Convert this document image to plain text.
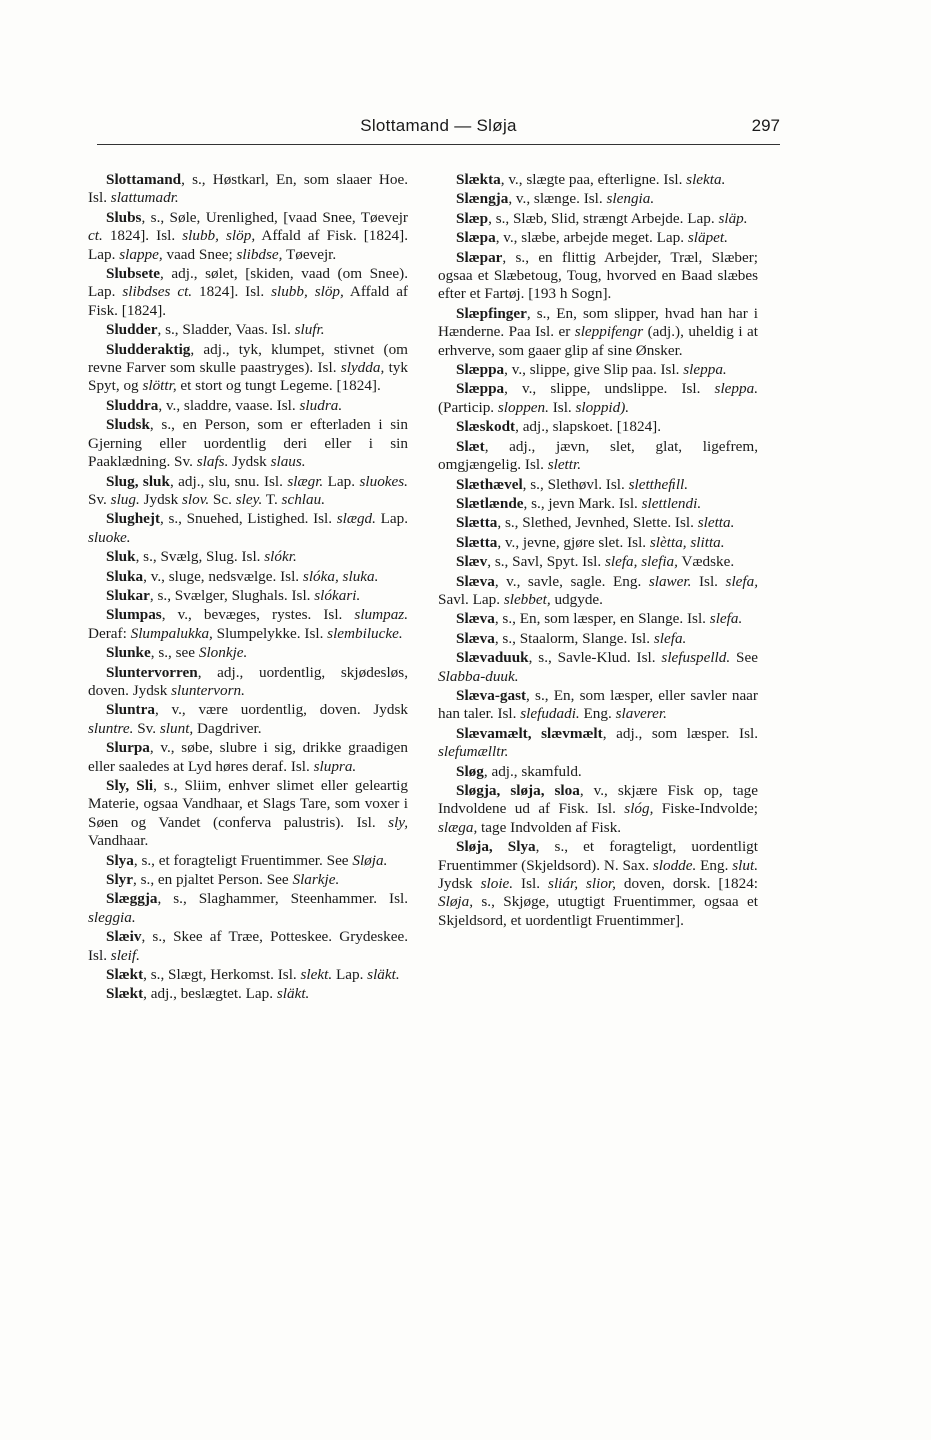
Slottamand — Sløja	297

Slottamand, s., Høstkarl, En, som slaaer Hoe. Isl. slattumadr.

Slubs, s., Søle, Urenlighed, [vaad Snee, Tøevejr ct. 1824]. Isl. slubb, slöp, Affald af Fisk. [1824]. Lap. slappe, vaad Snee; slibdse, Tøevejr.

Slubsete, adj., sølet, [skiden, vaad (om Snee). Lap. slibdses ct. 1824]. Isl. slubb, slöp, Affald af Fisk. [1824].

Sludder, s., Sladder, Vaas. Isl. slufr.

Sludderaktig, adj., tyk, klumpet, stivnet (om revne Farver som skulle paastryges). Isl. slydda, tyk Spyt, og slöttr, et stort og tungt Legeme. [1824].

Sluddra, v., sladdre, vaase. Isl. sludra.

Sludsk, s., en Person, som er efterladen i sin Gjerning eller uordentlig deri eller i sin Paaklædning. Sv. slafs. Jydsk slaus.

Slug, sluk, adj., slu, snu. Isl. slægr. Lap. sluokes. Sv. slug. Jydsk slov. Sc. sley. T. schlau.

Slughejt, s., Snuehed, Listighed. Isl. slægd. Lap. sluoke.

Sluk, s., Svælg, Slug. Isl. slókr.

Sluka, v., sluge, nedsvælge. Isl. slóka, sluka.

Slukar, s., Svælger, Slughals. Isl. slókari.

Slumpas, v., bevæges, rystes. Isl. slumpaz. Deraf: Slumpalukka, Slumpelykke. Isl. slembilucke.

Slunke, s., see Slonkje.

Sluntervorren, adj., uordentlig, skjødesløs, doven. Jydsk sluntervorn.

Sluntra, v., være uordentlig, doven. Jydsk sluntre. Sv. slunt, Dagdriver.

Slurpa, v., søbe, slubre i sig, drikke graadigen eller saaledes at Lyd høres deraf. Isl. slupra.

Sly, Sli, s., Sliim, enhver slimet eller geleartig Materie, ogsaa Vandhaar, et Slags Tare, som voxer i Søen og Vandet (conferva palustris). Isl. sly, Vandhaar.

Slya, s., et foragteligt Fruentimmer. See Sløja.

Slyr, s., en pjaltet Person. See Slarkje.

Slæggja, s., Slaghammer, Steenhammer. Isl. sleggia.

Slæiv, s., Skee af Træe, Potteskee. Grydeskee. Isl. sleif.

Slækt, s., Slægt, Herkomst. Isl. slekt. Lap. släkt.

Slækt, adj., beslægtet. Lap. släkt.

Slækta, v., slægte paa, efterligne. Isl. slekta.

Slængja, v., slænge. Isl. slengia.

Slæp, s., Slæb, Slid, strængt Arbejde. Lap. släp.

Slæpa, v., slæbe, arbejde meget. Lap. släpet.

Slæpar, s., en flittig Arbejder, Træl, Slæber; ogsaa et Slæbetoug, Toug, hvorved en Baad slæbes efter et Fartøj. [193 h Sogn].

Slæpfinger, s., En, som slipper, hvad han har i Hænderne. Paa Isl. er sleppifengr (adj.), uheldig i at erhverve, som gaaer glip af sine Ønsker.

Slæppa, v., slippe, give Slip paa. Isl. sleppa.

Slæppa, v., slippe, undslippe. Isl. sleppa. (Particip. sloppen. Isl. sloppid).

Slæskodt, adj., slapskoet. [1824].

Slæt, adj., jævn, slet, glat, ligefrem, omgjængelig. Isl. slettr.

Slæthævel, s., Slethøvl. Isl. slettheﬁll.

Slætlænde, s., jevn Mark. Isl. slettlendi.

Slætta, s., Slethed, Jevnhed, Slette. Isl. sletta.

Slætta, v., jevne, gjøre slet. Isl. slètta, slitta.

Slæv, s., Savl, Spyt. Isl. slefa, slefia, Vædske.

Slæva, v., savle, sagle. Eng. slawer. Isl. slefa, Savl. Lap. slebbet, udgyde.

Slæva, s., En, som læsper, en Slange. Isl. slefa.

Slæva, s., Staalorm, Slange. Isl. slefa.

Slævaduuk, s., Savle-Klud. Isl. slefuspelld. See Slabba-duuk.

Slæva-gast, s., En, som læsper, eller savler naar han taler. Isl. slefudadi. Eng. slaverer.

Slævamælt, slævmælt, adj., som læsper. Isl. slefumælltr.

Sløg, adj., skamfuld.

Sløgja, sløja, sloa, v., skjære Fisk op, tage Indvoldene ud af Fisk. Isl. slóg, Fiske-Indvolde; slæga, tage Indvolden af Fisk.

Sløja, Slya, s., et foragteligt, uordentligt Fruentimmer (Skjeldsord). N. Sax. slodde. Eng. slut. Jydsk sloie. Isl. sliár, slior, doven, dorsk. [1824: Sløja, s., Skjøge, utugtigt Fruentimmer, ogsaa et Skjeldsord, et uordentligt Fruentimmer].
